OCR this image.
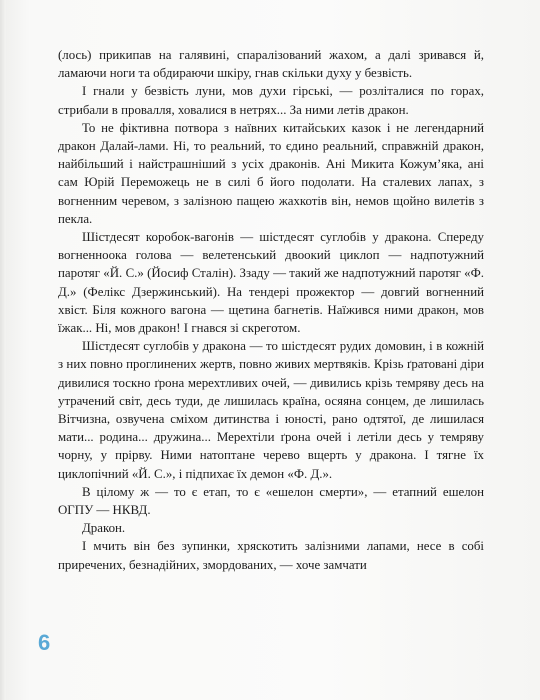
(лось) прикипав на галявині, спаралізований жахом, а далі зривався й, ламаючи ноги та обдираючи шкіру, гнав скільки духу у безвість.

І гнали у безвість луни, мов духи гірські, — розліталися по горах, стрибали в провалля, ховалися в нетрях... За ними летів дракон.

То не фіктивна потвора з наївних китайських казок і не легендарний дракон Далай-лами. Ні, то реальний, то єдино реальний, справжній дракон, найбільший і найстрашніший з усіх драконів. Ані Микита Кожум’яка, ані сам Юрій Переможець не в силі б його подолати. На сталевих лапах, з вогненним черевом, з залізною пащею жахкотів він, немов щойно вилетів з пекла.

Шістдесят коробок-вагонів — шістдесят суглобів у дракона. Спереду вогненноока голова — велетенський двоокий циклоп — надпотужний паротяг «Й. С.» (Йосиф Сталін). Ззаду — такий же надпотужний паротяг «Ф. Д.» (Фелікс Дзержинський). На тендері прожектор — довгий вогненний хвіст. Біля кожного вагона — щетина багнетів. Наїжився ними дракон, мов їжак... Ні, мов дракон! І гнався зі скреготом.

Шістдесят суглобів у дракона — то шістдесят рудих домовин, і в кожній з них повно проглинених жертв, повно живих мертвяків. Крізь ґратовані діри дивилися тоскно ґрона мерехтливих очей, — дивились крізь темряву десь на утрачений світ, десь туди, де лишилась країна, осяяна сонцем, де лишилась Вітчизна, озвучена сміхом дитинства і юності, рано одтятої, де лишилася мати... родина... дружина... Мерехтіли ґрона очей і летіли десь у темряву чорну, у прірву. Ними натоптане черево вщерть у дракона. І тягне їх циклопічний «Й. С.», і підпихає їх демон «Ф. Д.».

В цілому ж — то є етап, то є «ешелон смерти», — етапний ешелон ОГПУ — НКВД.

Дракон.

І мчить він без зупинки, хряскотить залізними лапами, несе в собі приречених, безнадійних, змордованих, — хоче замчати

6
